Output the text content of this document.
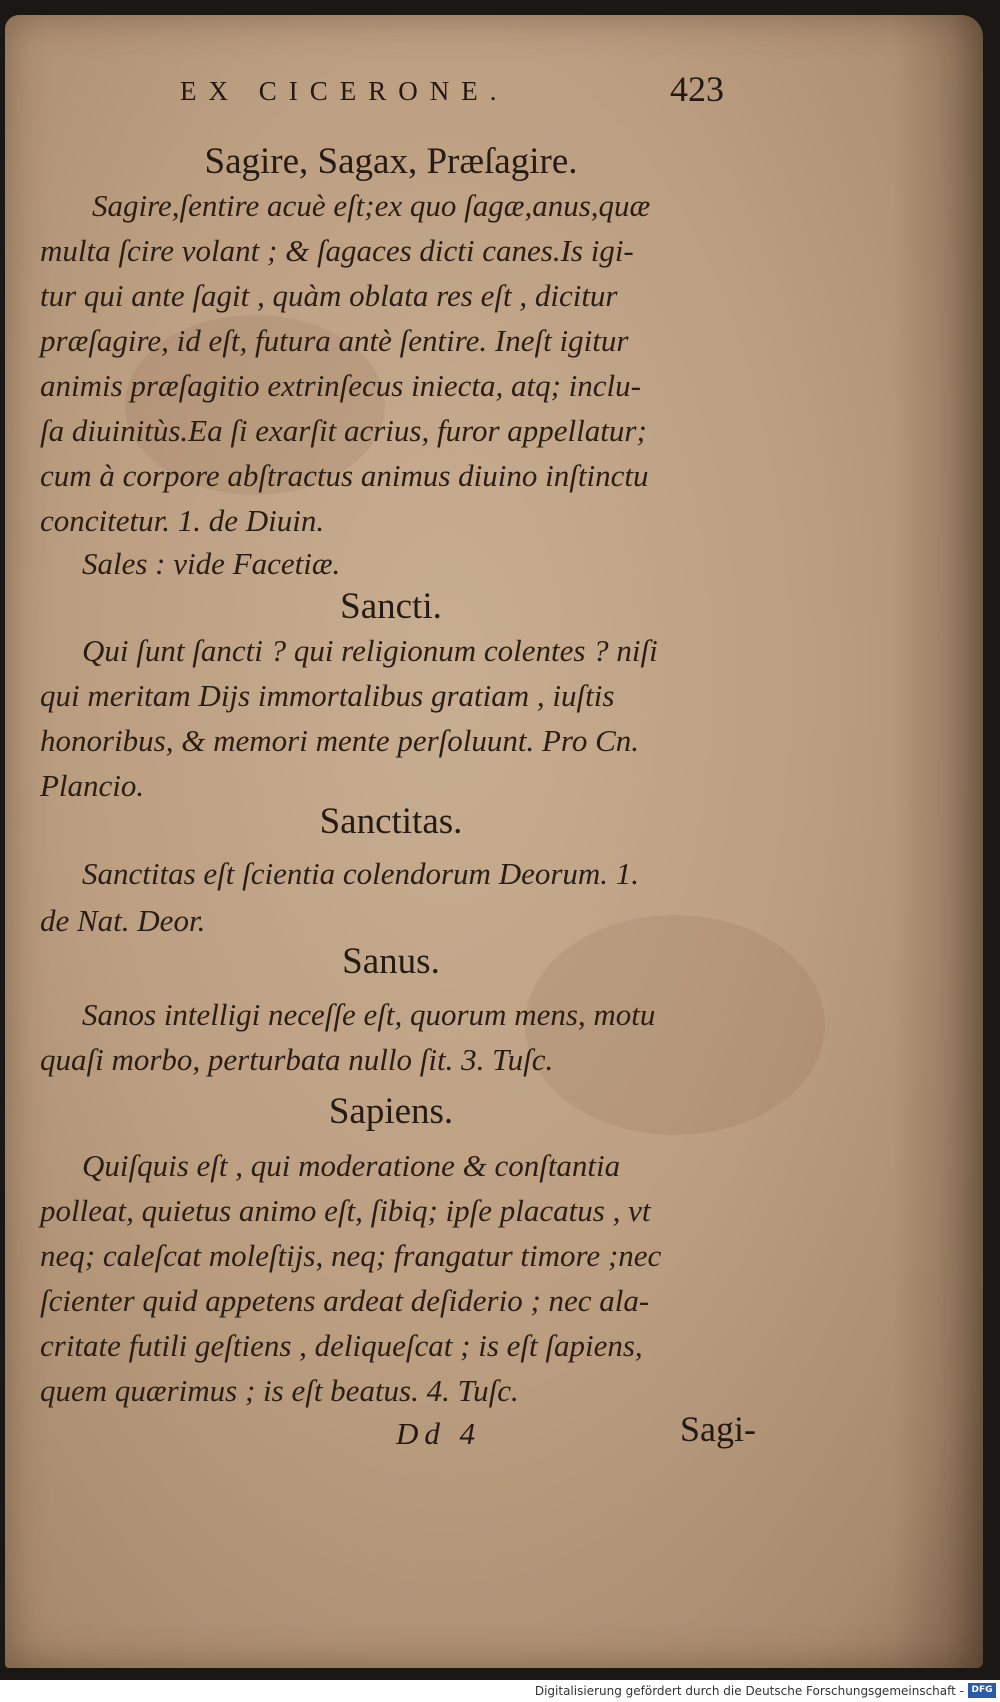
EX CICERONE.	423
Sagire, Sagax, Præſagire.
Sagire,ſentire acuè eſt;ex quo ſagæ,anus,quæ
multa ſcire volant ; & ſagaces dicti canes.Is igi-
tur qui ante ſagit , quàm oblata res eſt , dicitur
præſagire, id eſt, futura antè ſentire. Ineſt igitur
animis præſagitio extrinſecus iniecta, atq; inclu-
ſa diuinitùs.Ea ſi exarſit acrius, furor appellatur;
cum à corpore abſtractus animus diuino inſtinctu
concitetur. 1. de Diuin.
Sales : vide Facetiæ.
Sancti.
Qui ſunt ſancti ? qui religionum colentes ? niſi
qui meritam Dijs immortalibus gratiam , iuſtis
honoribus, & memori mente perſoluunt. Pro Cn.
Plancio.
Sanctitas.
Sanctitas eſt ſcientia colendorum Deorum. 1.
de Nat. Deor.
Sanus.
Sanos intelligi neceſſe eſt, quorum mens, motu
quaſi morbo, perturbata nullo ſit. 3. Tuſc.
Sapiens.
Quiſquis eſt , qui moderatione & conſtantia
polleat, quietus animo eſt, ſibiq; ipſe placatus , vt
neq; caleſcat moleſtijs, neq; frangatur timore ;nec
ſcienter quid appetens ardeat deſiderio ; nec ala-
critate futili geſtiens , deliqueſcat ; is eſt ſapiens,
quem quærimus ; is eſt beatus. 4. Tuſc.
Dd 4	Sagi-
Digitalisierung gefördert durch die Deutsche Forschungsgemeinschaft - DFG
